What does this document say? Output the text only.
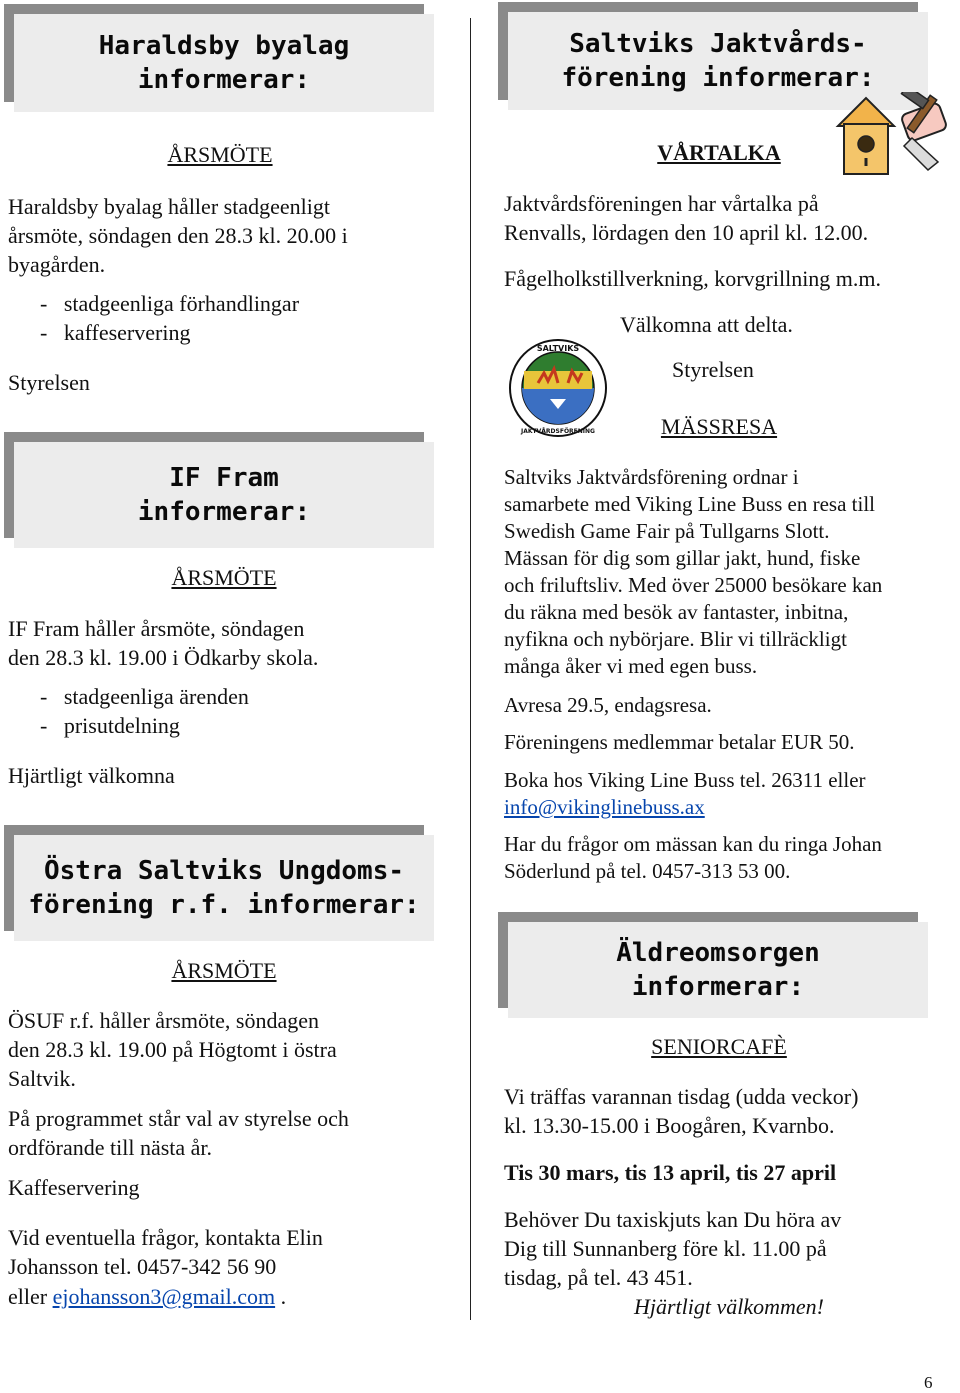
Haraldsby byalag
informerar:
ÅRSMÖTE
Haraldsby byalag håller stadgeenligt
årsmöte, söndagen den 28.3 kl. 20.00 i
byagården.
-   stadgeenliga förhandlingar
-   kaffeservering
Styrelsen
IF Fram
informerar:
ÅRSMÖTE
IF Fram håller årsmöte, söndagen
den 28.3 kl. 19.00 i Ödkarby skola.
-   stadgeenliga ärenden
-   prisutdelning
Hjärtligt välkomna
Östra Saltviks Ungdoms-
förening r.f. informerar:
ÅRSMÖTE
ÖSUF r.f. håller årsmöte, söndagen
den 28.3 kl. 19.00 på Högtomt i östra
Saltvik.
På programmet står val av styrelse och
ordförande till nästa år.
Kaffeservering
Vid eventuella frågor, kontakta Elin
Johansson tel. 0457-342 56 90
eller ejohansson3@gmail.com .
Saltviks Jaktvårds-
förening informerar:
VÅRTALKA
Jaktvårdsföreningen har vårtalka på
Renvalls, lördagen den 10 april kl. 12.00.
Fågelholkstillverkning, korvgrillning m.m.
Välkomna att delta.
Styrelsen
SALTVIKS
JAKTVÅRDSFÖRENING	MÄSSRESA
Saltviks Jaktvårdsförening ordnar i
samarbete med Viking Line Buss en resa till
Swedish Game Fair på Tullgarns Slott.
Mässan för dig som gillar jakt, hund, fiske
och friluftsliv. Med över 25000 besökare kan
du räkna med besök av fantaster, inbitna,
nyfikna och nybörjare. Blir vi tillräckligt
många åker vi med egen buss.
Avresa 29.5, endagsresa.
Föreningens medlemmar betalar EUR 50.
Boka hos Viking Line Buss tel. 26311 eller
info@vikinglinebuss.ax
Har du frågor om mässan kan du ringa Johan
Söderlund på tel. 0457-313 53 00.
Äldreomsorgen
informerar:
SENIORCAFÈ
Vi träffas varannan tisdag (udda veckor)
kl. 13.30-15.00 i Boogåren, Kvarnbo.
Tis 30 mars, tis 13 april, tis 27 april
Behöver Du taxiskjuts kan Du höra av
Dig till Sunnanberg före kl. 11.00 på
tisdag, på tel. 43 451.
Hjärtligt välkommen!
6
